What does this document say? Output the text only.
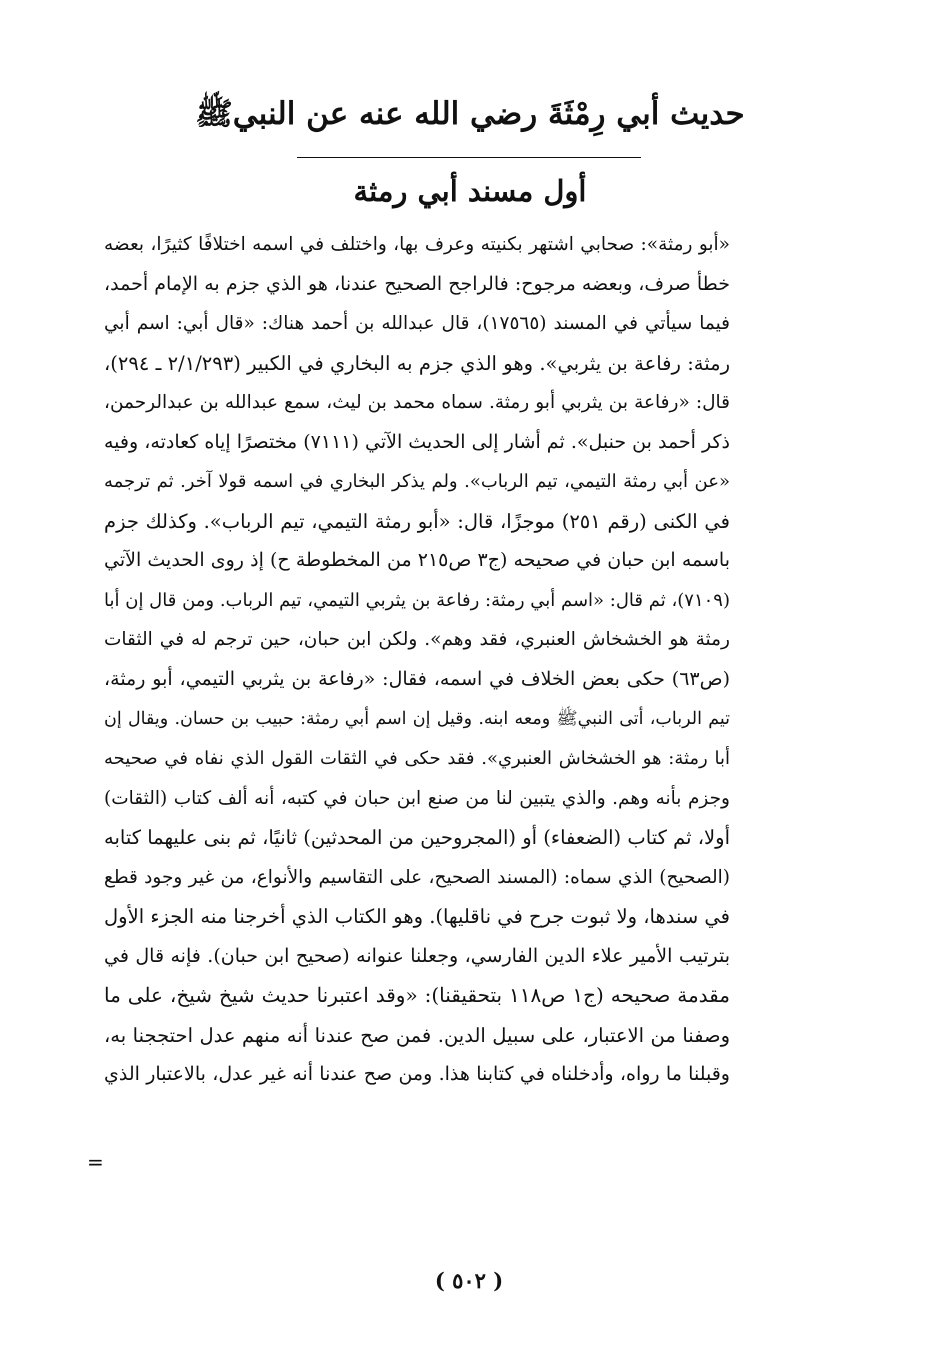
حديث أبي رِمْثَةَ رضي الله عنه عن النبيﷺ
أول مسند أبي رمثة
«أبو رمثة»: صحابي اشتهر بكنيته وعرف بها، واختلف في اسمه اختلافًا كثيرًا، بعضه
خطأ صرف، وبعضه مرجوح: فالراجح الصحيح عندنا، هو الذي جزم به الإمام أحمد،
فيما سيأتي في المسند (١٧٥٦٥)، قال عبدالله بن أحمد هناك: «قال أبي: اسم أبي
رمثة: رفاعة بن يثربي». وهو الذي جزم به البخاري في الكبير (٢/١/٢٩٣ ـ ٢٩٤)،
قال: «رفاعة بن يثربي أبو رمثة. سماه محمد بن ليث، سمع عبدالله بن عبدالرحمن،
ذكر أحمد بن حنبل». ثم أشار إلى الحديث الآتي (٧١١١) مختصرًا إياه كعادته، وفيه
«عن أبي رمثة التيمي، تيم الرباب». ولم يذكر البخاري في اسمه قولا آخر. ثم ترجمه
في الكنى (رقم ٢٥١) موجزًا، قال: «أبو رمثة التيمي، تيم الرباب». وكذلك جزم
باسمه ابن حبان في صحيحه (ج٣ ص٢١٥ من المخطوطة ح) إذ روى الحديث الآتي
(٧١٠٩)، ثم قال: «اسم أبي رمثة: رفاعة بن يثربي التيمي، تيم الرباب. ومن قال إن أبا
رمثة هو الخشخاش العنبري، فقد وهم». ولكن ابن حبان، حين ترجم له في الثقات
(ص٦٣) حكى بعض الخلاف في اسمه، فقال: «رفاعة بن يثربي التيمي، أبو رمثة،
تيم الرباب، أتى النبيﷺ ومعه ابنه. وقيل إن اسم أبي رمثة: حبيب بن حسان. ويقال إن
أبا رمثة: هو الخشخاش العنبري». فقد حكى في الثقات القول الذي نفاه في صحيحه
وجزم بأنه وهم. والذي يتبين لنا من صنع ابن حبان في كتبه، أنه ألف كتاب (الثقات)
أولا، ثم كتاب (الضعفاء) أو (المجروحين من المحدثين) ثانيًا، ثم بنى عليهما كتابه
(الصحيح) الذي سماه: (المسند الصحيح، على التقاسيم والأنواع، من غير وجود قطع
في سندها، ولا ثبوت جرح في ناقليها). وهو الكتاب الذي أخرجنا منه الجزء الأول
بترتيب الأمير علاء الدين الفارسي، وجعلنا عنوانه (صحيح ابن حبان). فإنه قال في
مقدمة صحيحه (ج١ ص١١٨ بتحقيقنا): «وقد اعتبرنا حديث شيخ شيخ، على ما
وصفنا من الاعتبار، على سبيل الدين. فمن صح عندنا أنه منهم عدل احتججنا به،
وقبلنا ما رواه، وأدخلناه في كتابنا هذا. ومن صح عندنا أنه غير عدل، بالاعتبار الذي
=
( ٥٠٢ )
